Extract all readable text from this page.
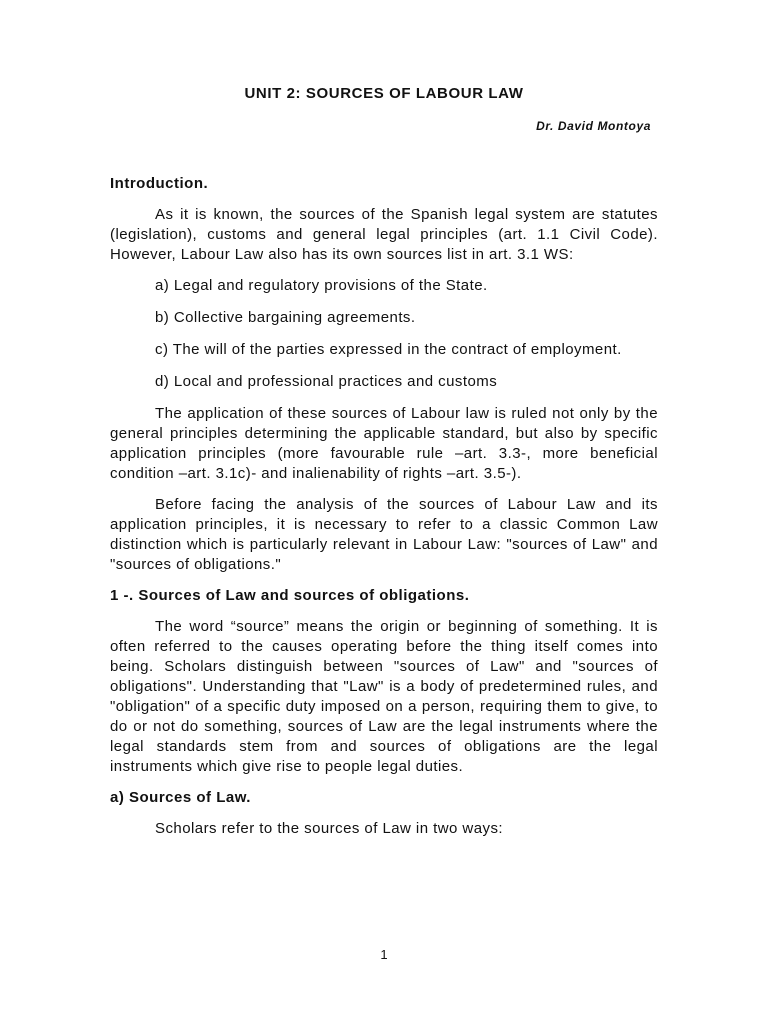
UNIT 2: SOURCES OF LABOUR LAW
Dr. David Montoya

Introduction.

As it is known, the sources of the Spanish legal system are statutes (legislation), customs and general legal principles (art. 1.1 Civil Code). However, Labour Law also has its own sources list in art. 3.1 WS:

a) Legal and regulatory provisions of the State.

b) Collective bargaining agreements.

c) The will of the parties expressed in the contract of employment.

d) Local and professional practices and customs

The application of these sources of Labour law is ruled not only by the general principles determining the applicable standard, but also by specific application principles (more favourable rule –art. 3.3-, more beneficial condition –art. 3.1c)- and inalienability of rights –art. 3.5-).

Before facing the analysis of the sources of Labour Law and its application principles, it is necessary to refer to a classic Common Law distinction which is particularly relevant in Labour Law: "sources of Law" and "sources of obligations."

1 -. Sources of Law and sources of obligations.

The word “source” means the origin or beginning of something. It is often referred to the causes operating before the thing itself comes into being. Scholars distinguish between "sources of Law" and "sources of obligations". Understanding that "Law" is a body of predetermined rules, and "obligation" of a specific duty imposed on a person, requiring them to give, to do or not do something, sources of Law are the legal instruments where the legal standards stem from and sources of obligations are the legal instruments which give rise to people legal duties.

a) Sources of Law.

Scholars refer to the sources of Law in two ways:

1
